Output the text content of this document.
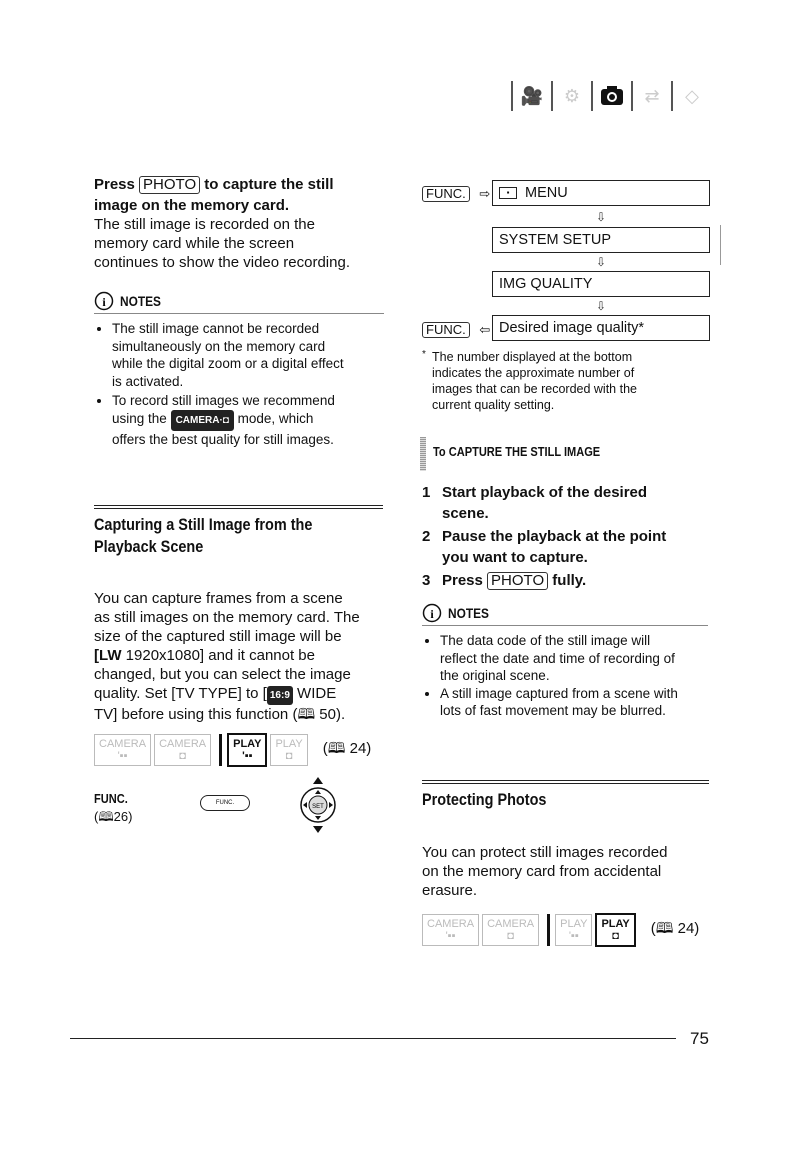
🎥 ⚙	⇄	◇
Press PHOTO to capture the still
image on the memory card.
The still image is recorded on the
memory card while the screen
continues to show the video recording.
i NOTES
• The still image cannot be recorded
simultaneously on the memory card
while the digital zoom or a digital effect
is activated.
• To record still images we recommend
using the CAMERA·◘ mode, which
offers the best quality for still images.
Capturing a Still Image from the
Playback Scene
You can capture frames from a scene
as still images on the memory card. The
size of the captured still image will be
[LW 1920x1080] and it cannot be
changed, but you can select the image
quality. Set [TV TYPE] to [ 16:9 WIDE
TV] before using this function (🕮 50).
CAMERA
'▪▪
CAMERA
◘
PLAY
'▪▪
PLAY
◘ (🕮 24)
FUNC.
(🕮26)
FUNC.
SET
FUNC. ⇨	▪	MENU
⇩
SYSTEM SETUP
⇩
IMG QUALITY
⇩
FUNC. ⇦ Desired image quality*
* The number displayed at the bottom
indicates the approximate number of
images that can be recorded with the
current quality setting.
To CAPTURE THE STILL IMAGE
1 Start playback of the desired
scene.
2 Pause the playback at the point
you want to capture.
3 Press PHOTO fully.
i NOTES
• The data code of the still image will
reflect the date and time of recording of
the original scene.
• A still image captured from a scene with
lots of fast movement may be blurred.
Protecting Photos
You can protect still images recorded
on the memory card from accidental
erasure.
CAMERA
'▪▪
CAMERA
◘
PLAY
'▪▪
PLAY
◘ (🕮 24)
75
